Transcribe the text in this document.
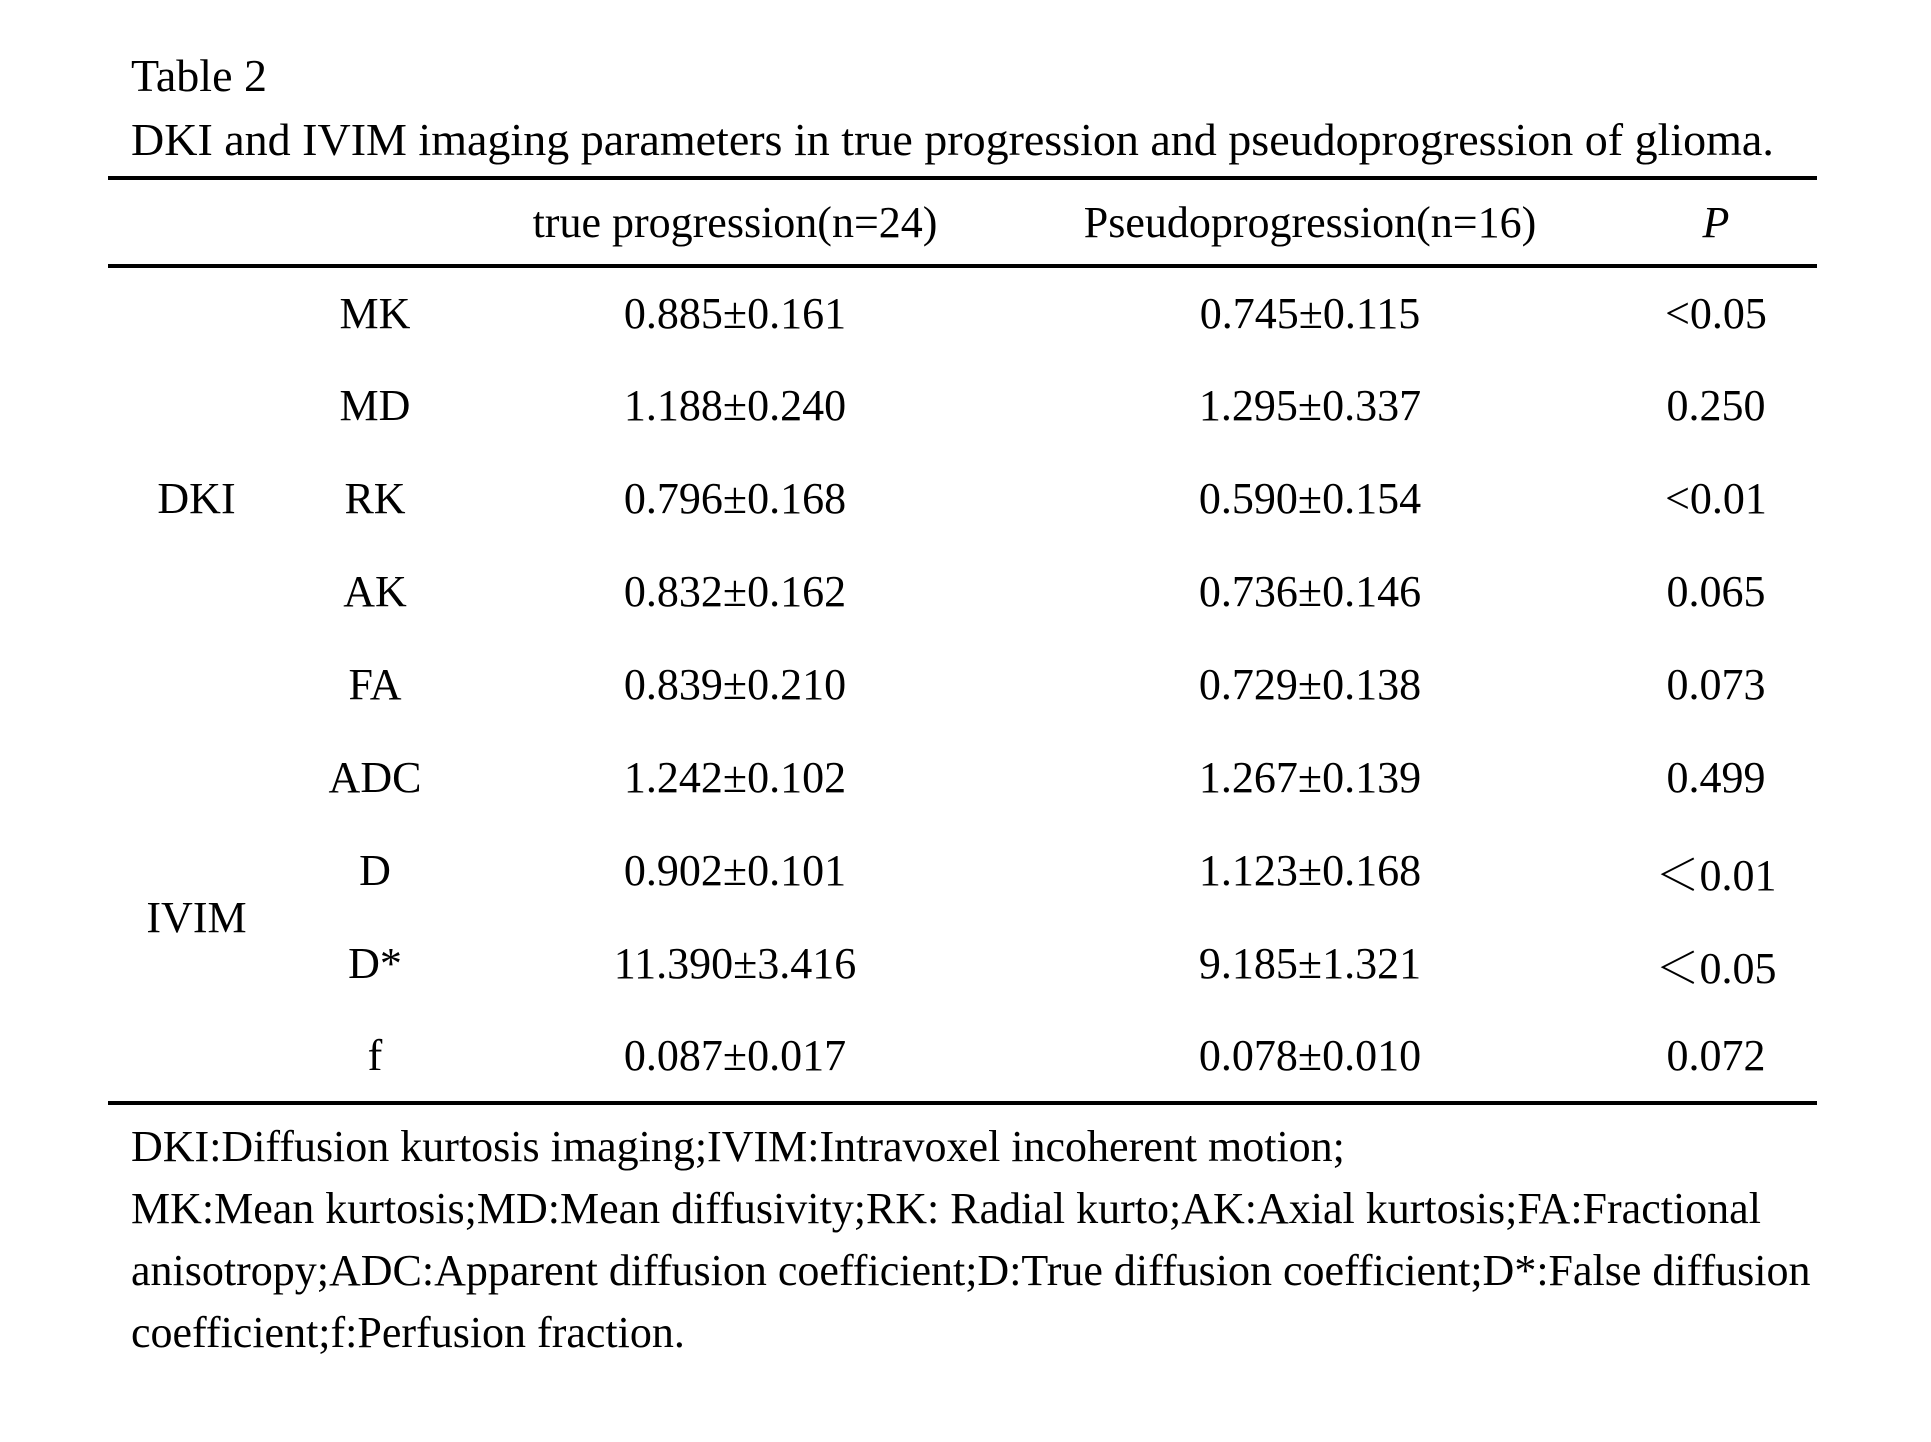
Table 2
DKI and IVIM imaging parameters in true progression and pseudoprogression of glioma.
		true progression(n=24)	Pseudoprogression(n=16)	P
	MK	0.885±0.161	0.745±0.115	<0.05
	MD	1.188±0.240	1.295±0.337	0.250
DKI	RK	0.796±0.168	0.590±0.154	<0.01
	AK	0.832±0.162	0.736±0.146	0.065
	FA	0.839±0.210	0.729±0.138	0.073
	ADC	1.242±0.102	1.267±0.139	0.499
IVIM	D	0.902±0.101	1.123±0.168	＜0.01
	D*	11.390±3.416	9.185±1.321	＜0.05
	f	0.087±0.017	0.078±0.010	0.072
DKI:Diffusion kurtosis imaging;IVIM:Intravoxel incoherent motion;
MK:Mean kurtosis;MD:Mean diffusivity;RK: Radial kurto;AK:Axial kurtosis;FA:Fractional
anisotropy;ADC:Apparent diffusion coefficient;D:True diffusion coefficient;D*:False diffusion
coefficient;f:Perfusion fraction.
